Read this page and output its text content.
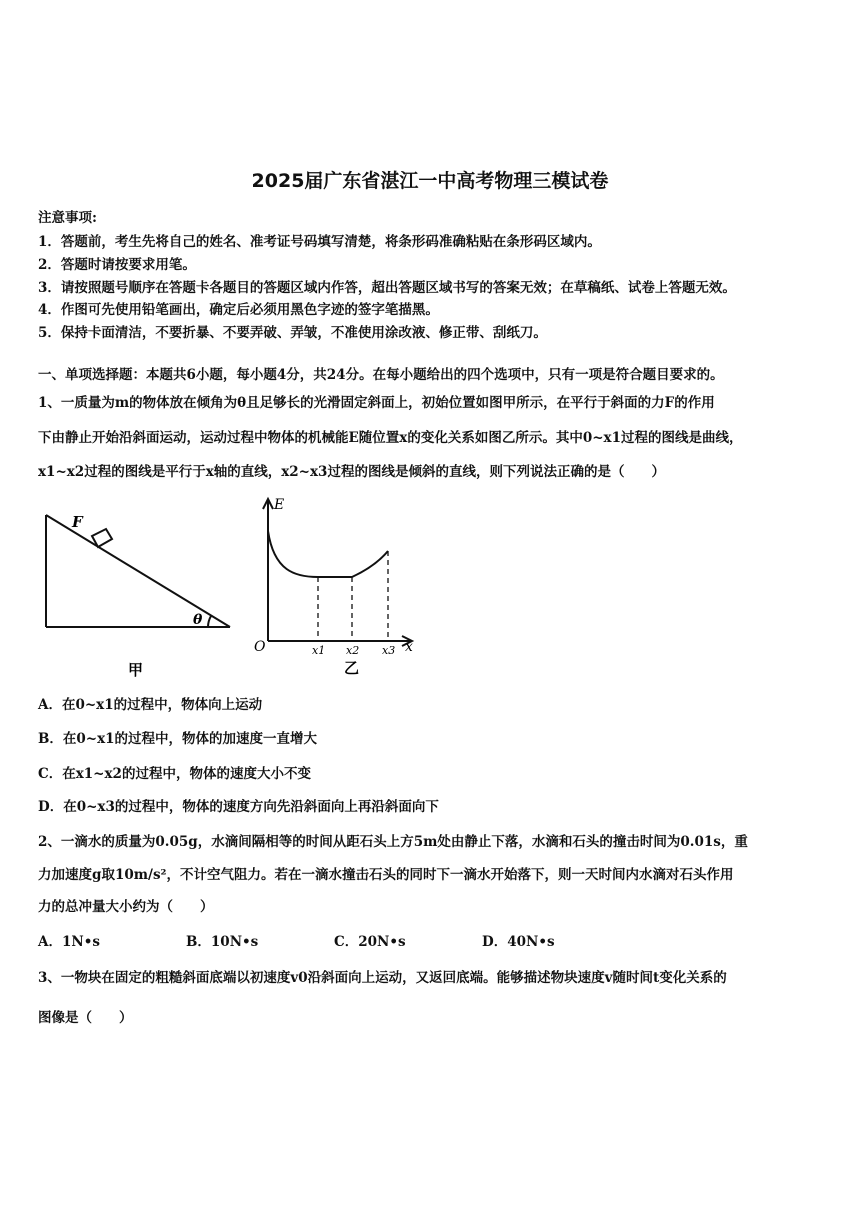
2025届广东省湛江一中高考物理三模试卷
注意事项:
1．答题前，考生先将自己的姓名、准考证号码填写清楚，将条形码准确粘贴在条形码区域内。
2．答题时请按要求用笔。
3．请按照题号顺序在答题卡各题目的答题区域内作答，超出答题区域书写的答案无效；在草稿纸、试卷上答题无效。
4．作图可先使用铅笔画出，确定后必须用黑色字迹的签字笔描黑。
5．保持卡面清洁，不要折暴、不要弄破、弄皱，不准使用涂改液、修正带、刮纸刀。
一、单项选择题：本题共6小题，每小题4分，共24分。在每小题给出的四个选项中，只有一项是符合题目要求的。
1、一质量为m的物体放在倾角为θ且足够长的光滑固定斜面上，初始位置如图甲所示，在平行于斜面的力F的作用
下由静止开始沿斜面运动，运动过程中物体的机械能E随位置x的变化关系如图乙所示。其中0~x1过程的图线是曲线，
x1~x2过程的图线是平行于x轴的直线，x2~x3过程的图线是倾斜的直线，则下列说法正确的是（　　）
F
θ
甲
E
O	x
x1 x2 x3
乙
A．在0~x1的过程中，物体向上运动
B．在0~x1的过程中，物体的加速度一直增大
C．在x1~x2的过程中，物体的速度大小不变
D．在0~x3的过程中，物体的速度方向先沿斜面向上再沿斜面向下
2、一滴水的质量为0.05g，水滴间隔相等的时间从距石头上方5m处由静止下落，水滴和石头的撞击时间为0.01s，重
力加速度g取10m/s²，不计空气阻力。若在一滴水撞击石头的同时下一滴水开始落下，则一天时间内水滴对石头作用
力的总冲量大小约为（　　）
A．1N•s	B．10N•s	C．20N•s	D．40N•s
3、一物块在固定的粗糙斜面底端以初速度v0沿斜面向上运动，又返回底端。能够描述物块速度v随时间t变化关系的
图像是（　　）
